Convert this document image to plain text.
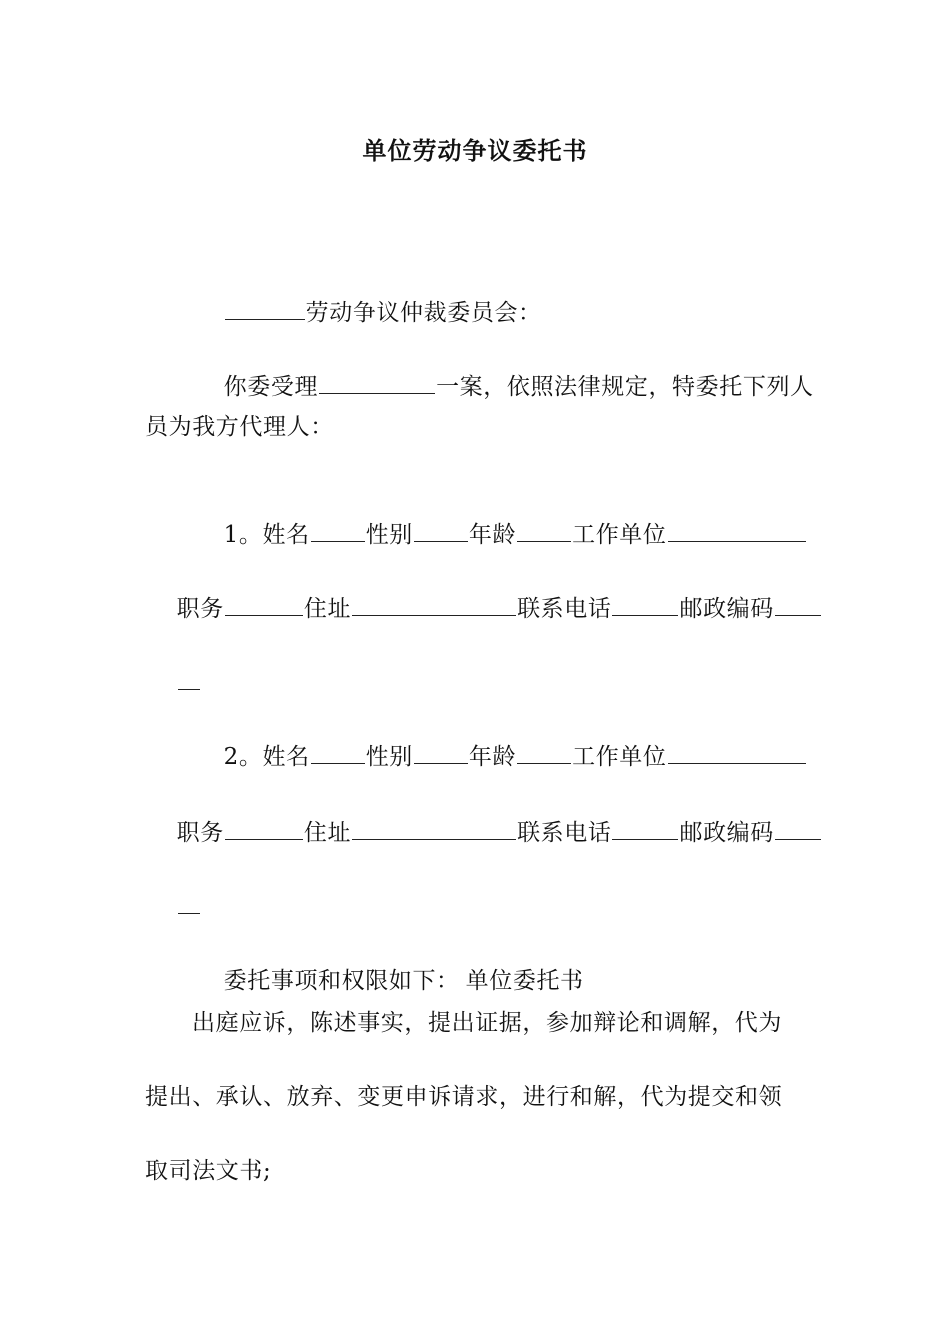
单位劳动争议委托书

劳动争议仲裁委员会：

你委受理	一案，依照法律规定，特委托下列人

员为我方代理人：

1。姓名 性别 年龄 工作单位

职务	住址	联系电话	邮政编码

2。姓名 性别 年龄 工作单位

职务	住址	联系电话	邮政编码

委托事项和权限如下： 单位委托书

出庭应诉，陈述事实，提出证据，参加辩论和调解，代为
提出、承认、放弃、变更申诉请求，进行和解，代为提交和领
取司法文书;
